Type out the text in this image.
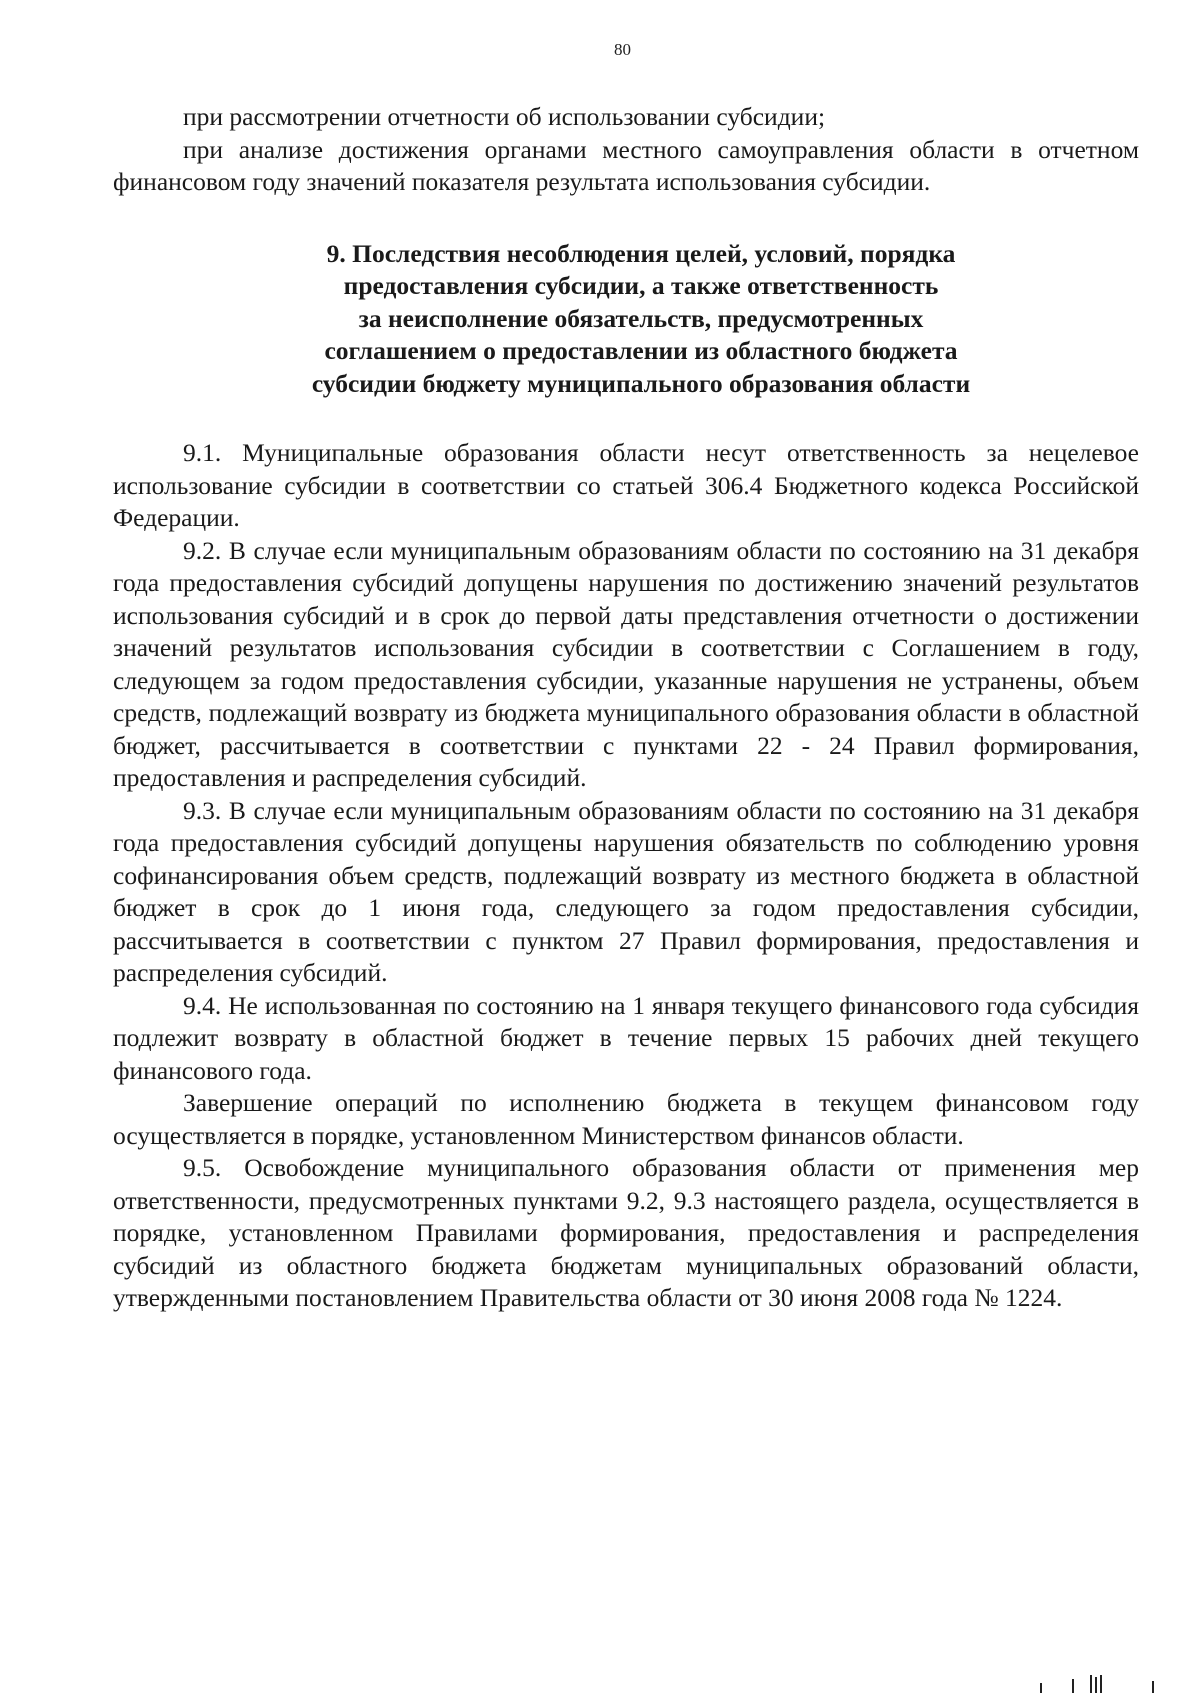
80

при рассмотрении отчетности об использовании субсидии;

при анализе достижения органами местного самоуправления области в отчетном финансовом году значений показателя результата использования субсидии.

9. Последствия несоблюдения целей, условий, порядка
предоставления субсидии, а также ответственность
за неисполнение обязательств, предусмотренных
соглашением о предоставлении из областного бюджета
субсидии бюджету муниципального образования области

9.1. Муниципальные образования области несут ответственность за нецелевое использование субсидии в соответствии со статьей 306.4 Бюджетного кодекса Российской Федерации.

9.2. В случае если муниципальным образованиям области по состоянию на 31 декабря года предоставления субсидий допущены нарушения по достижению значений результатов использования субсидий и в срок до первой даты представления отчетности о достижении значений результатов использования субсидии в соответствии с Соглашением в году, следующем за годом предоставления субсидии, указанные нарушения не устранены, объем средств, подлежащий возврату из бюджета муниципального образования области в областной бюджет, рассчитывается в соответствии с пунктами 22 - 24 Правил формирования, предоставления и распределения субсидий.

9.3. В случае если муниципальным образованиям области по состоянию на 31 декабря года предоставления субсидий допущены нарушения обязательств по соблюдению уровня софинансирования объем средств, подлежащий возврату из местного бюджета в областной бюджет в срок до 1 июня года, следующего за годом предоставления субсидии, рассчитывается в соответствии с пунктом 27 Правил формирования, предоставления и распределения субсидий.

9.4. Не использованная по состоянию на 1 января текущего финансового года субсидия подлежит возврату в областной бюджет в течение первых 15 рабочих дней текущего финансового года.

Завершение операций по исполнению бюджета в текущем финансовом году осуществляется в порядке, установленном Министерством финансов области.

9.5. Освобождение муниципального образования области от применения мер ответственности, предусмотренных пунктами 9.2, 9.3 настоящего раздела, осуществляется в порядке, установленном Правилами формирования, предоставления и распределения субсидий из областного бюджета бюджетам муниципальных образований области, утвержденными постановлением Правительства области от 30 июня 2008 года № 1224.
